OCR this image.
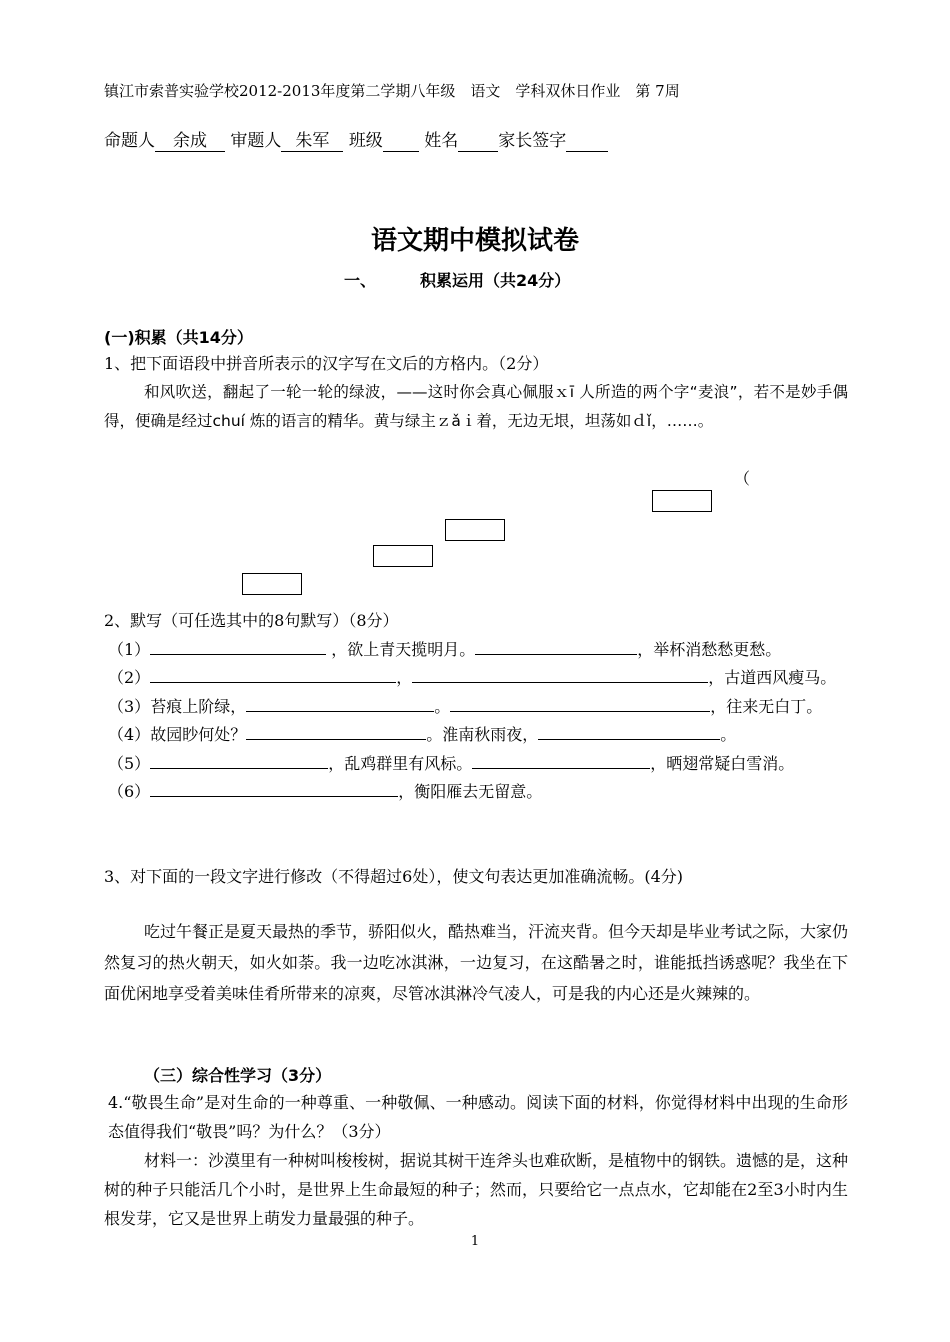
镇江市索普实验学校2012-2013年度第二学期八年级　语文　学科双休日作业　第 7周
命题人 余成 审题人 朱军 班级 姓名 家长签字
语文期中模拟试卷
一、	积累运用（共24分）
(一)积累（共14分）
1、把下面语段中拼音所表示的汉字写在文后的方格内。（2分）
和风吹送，翻起了一轮一轮的绿波，——这时你会真心佩服ｘī 人所造的两个字“麦浪”，若不是妙手偶得，便确是经过chuí 炼的语言的精华。黄与绿主ｚǎｉ着，无边无垠，坦荡如ｄǐ，……。
（
2、默写（可任选其中的8句默写）（8分）
（1）	，欲上青天揽明月。	，举杯消愁愁更愁。
（2）	，	，古道西风瘦马。
（3）苔痕上阶绿，	。	，往来无白丁。
（4）故园眇何处？	。淮南秋雨夜，	。
（5）	，乱鸡群里有风标。	，晒翅常疑白雪消。
（6）	，衡阳雁去无留意。
3、对下面的一段文字进行修改（不得超过6处），使文句表达更加准确流畅。(4分)
吃过午餐正是夏天最热的季节，骄阳似火，酷热难当，汗流夹背。但今天却是毕业考试之际，大家仍然复习的热火朝天，如火如荼。我一边吃冰淇淋，一边复习，在这酷暑之时，谁能抵挡诱惑呢？我坐在下面优闲地享受着美味佳肴所带来的凉爽，尽管冰淇淋冷气凌人，可是我的内心还是火辣辣的。
（三）综合性学习（3分）
4.“敬畏生命”是对生命的一种尊重、一种敬佩、一种感动。阅读下面的材料，你觉得材料中出现的生命形态值得我们“敬畏”吗？为什么？（3分）
材料一：沙漠里有一种树叫梭梭树，据说其树干连斧头也难砍断，是植物中的钢铁。遗憾的是，这种树的种子只能活几个小时，是世界上生命最短的种子；然而，只要给它一点点水，它却能在2至3小时内生根发芽，它又是世界上萌发力量最强的种子。
1
